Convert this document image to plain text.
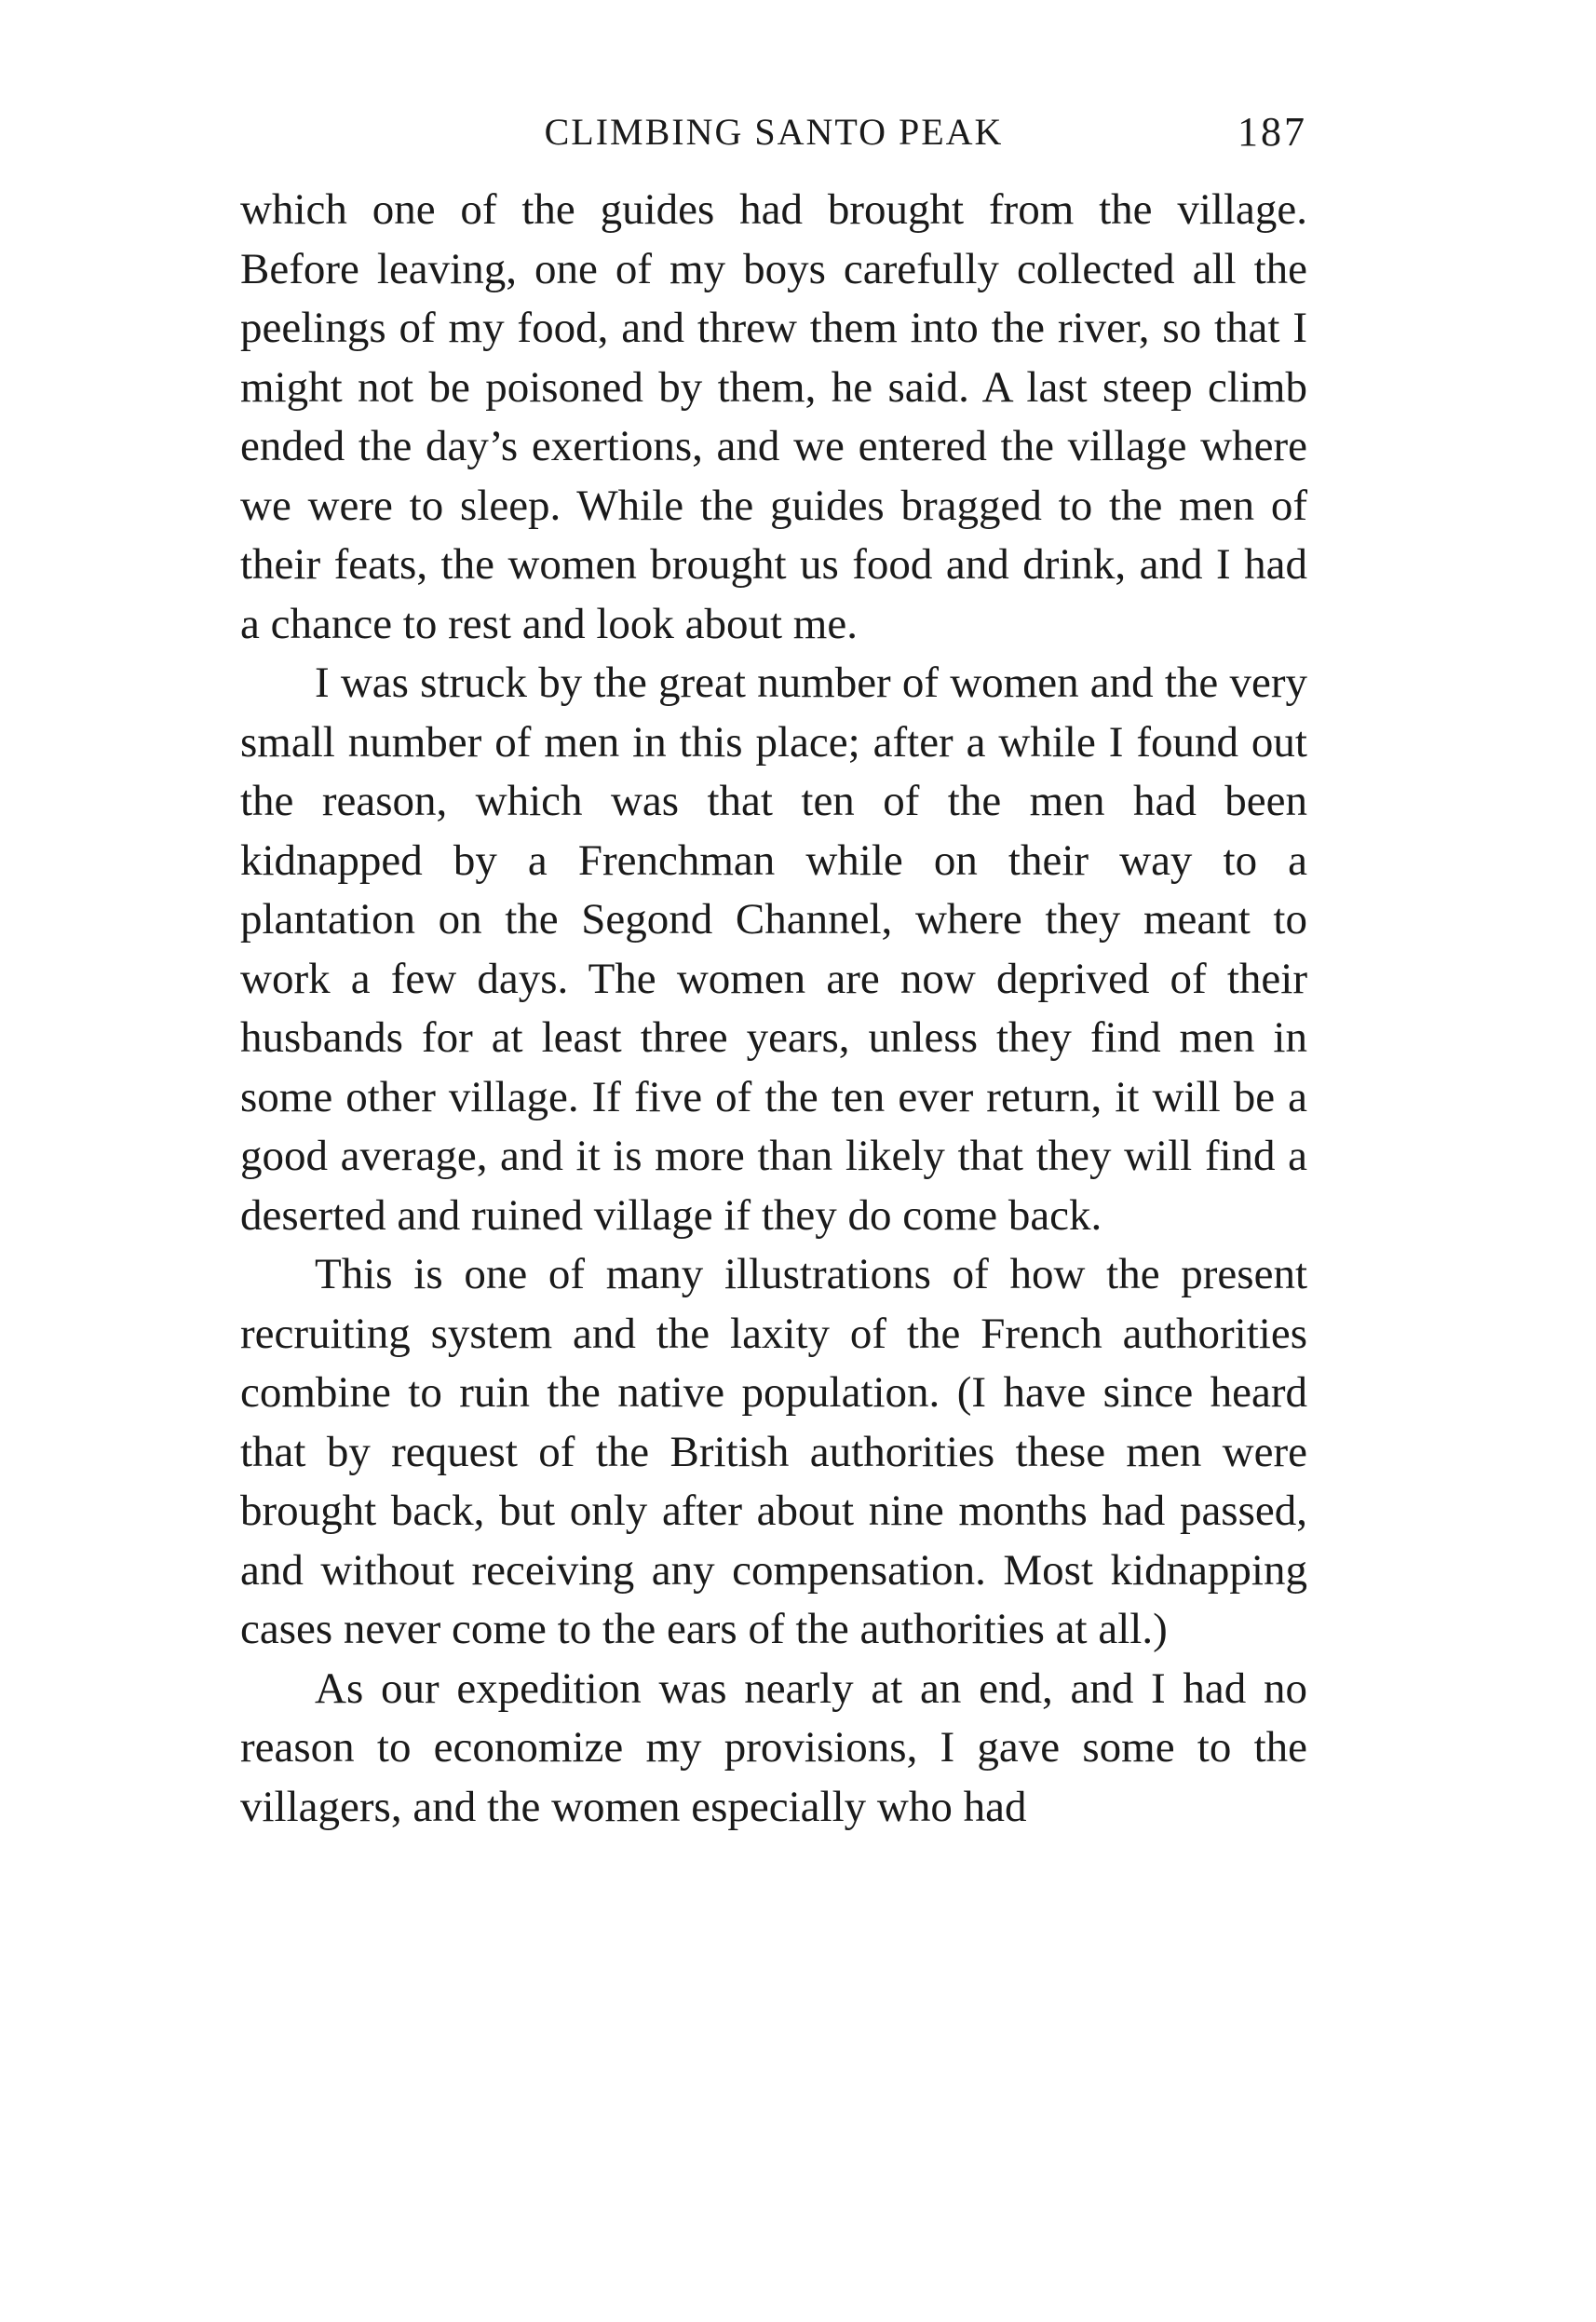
CLIMBING SANTO PEAK	187

which one of the guides had brought from the village. Before leaving, one of my boys carefully collected all the peelings of my food, and threw them into the river, so that I might not be poisoned by them, he said. A last steep climb ended the day’s exertions, and we entered the village where we were to sleep. While the guides bragged to the men of their feats, the women brought us food and drink, and I had a chance to rest and look about me.

I was struck by the great number of women and the very small number of men in this place; after a while I found out the reason, which was that ten of the men had been kidnapped by a Frenchman while on their way to a plantation on the Segond Channel, where they meant to work a few days. The women are now deprived of their husbands for at least three years, unless they find men in some other village. If five of the ten ever return, it will be a good average, and it is more than likely that they will find a deserted and ruined village if they do come back.

This is one of many illustrations of how the present recruiting system and the laxity of the French authorities combine to ruin the native population. (I have since heard that by request of the British authorities these men were brought back, but only after about nine months had passed, and without receiving any compensation. Most kidnapping cases never come to the ears of the authorities at all.)

As our expedition was nearly at an end, and I had no reason to economize my provisions, I gave some to the villagers, and the women especially who had
